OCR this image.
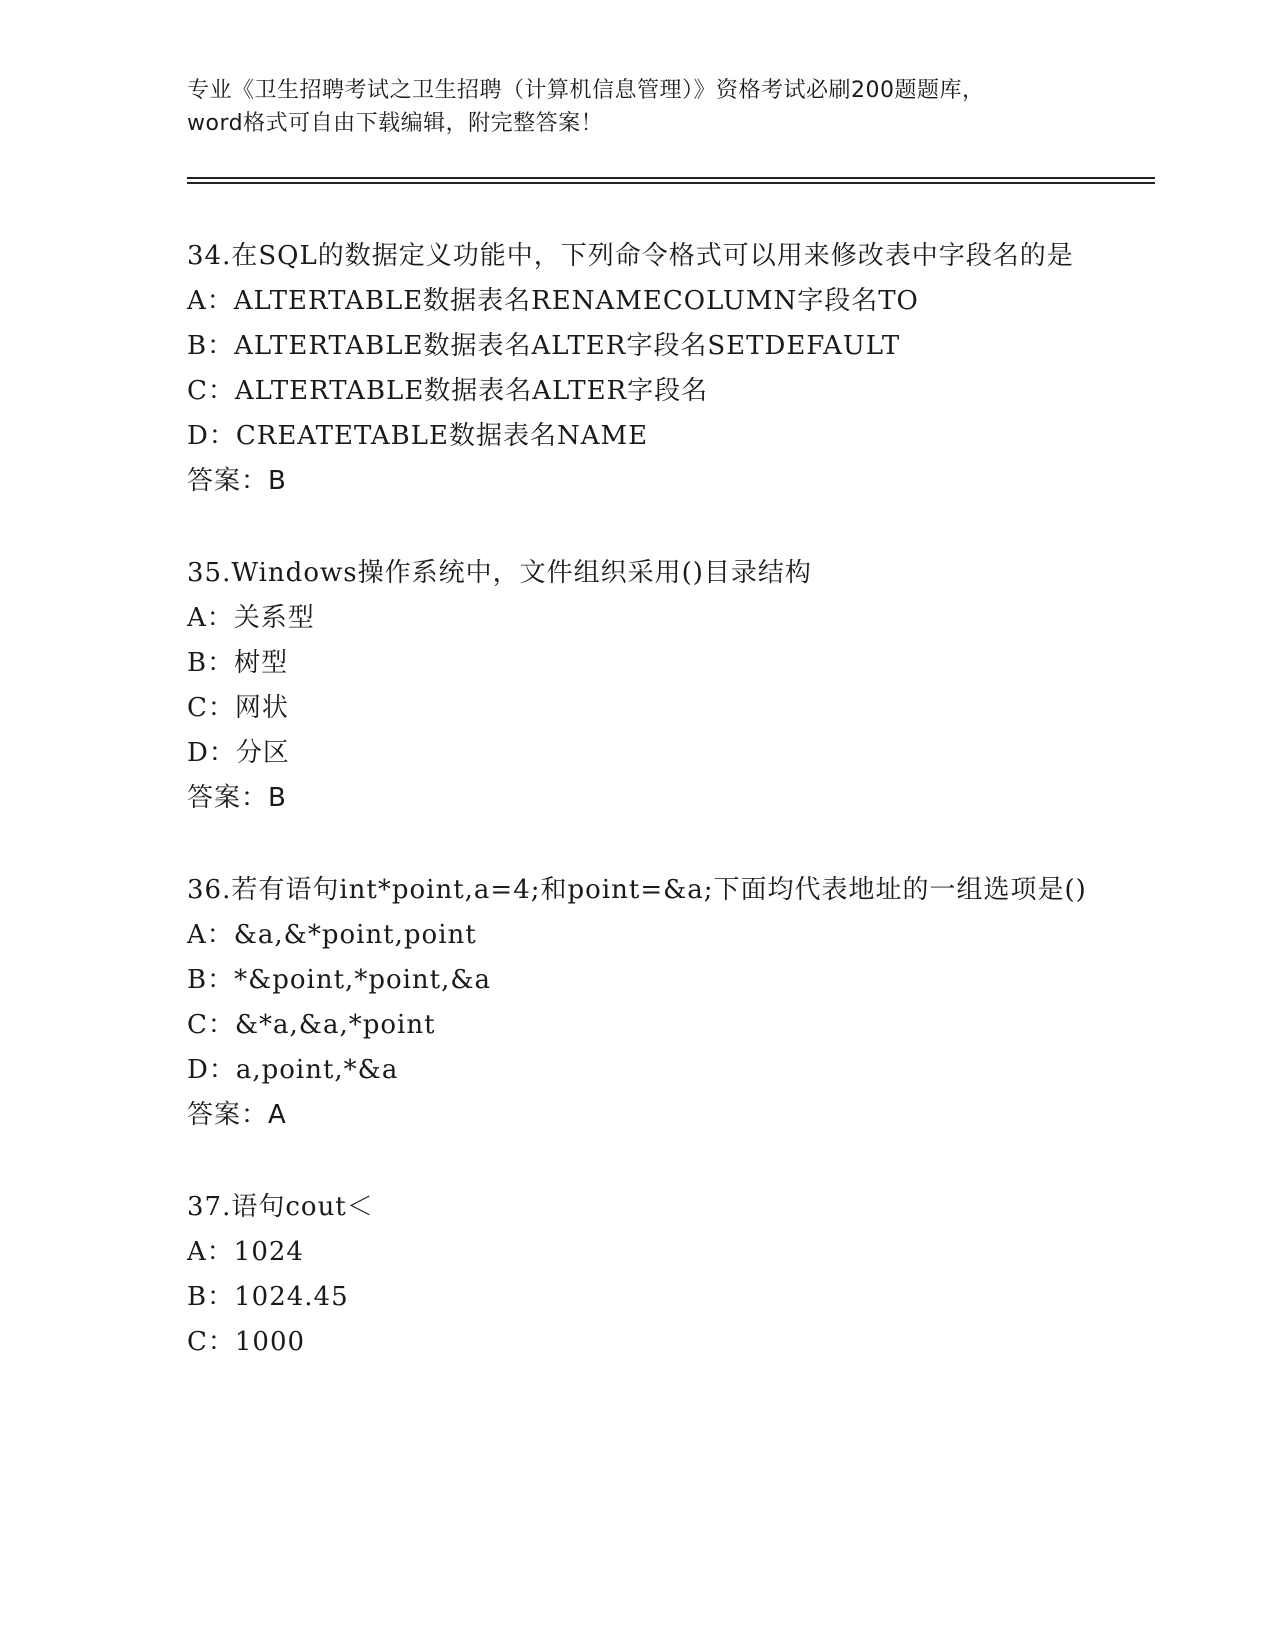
专业《卫生招聘考试之卫生招聘（计算机信息管理）》资格考试必刷200题题库，
word格式可自由下载编辑，附完整答案！
34.在SQL的数据定义功能中，下列命令格式可以用来修改表中字段名的是
A：ALTERTABLE数据表名RENAMECOLUMN字段名TO
B：ALTERTABLE数据表名ALTER字段名SETDEFAULT
C：ALTERTABLE数据表名ALTER字段名
D：CREATETABLE数据表名NAME
答案：B
35.Windows操作系统中，文件组织采用()目录结构
A：关系型
B：树型
C：网状
D：分区
答案：B
36.若有语句int*point,a=4;和point=&a;下面均代表地址的一组选项是()
A：&a,&*point,point
B：*&point,*point,&a
C：&*a,&a,*point
D：a,point,*&a
答案：A
37.语句cout＜
A：1024
B：1024.45
C：1000
